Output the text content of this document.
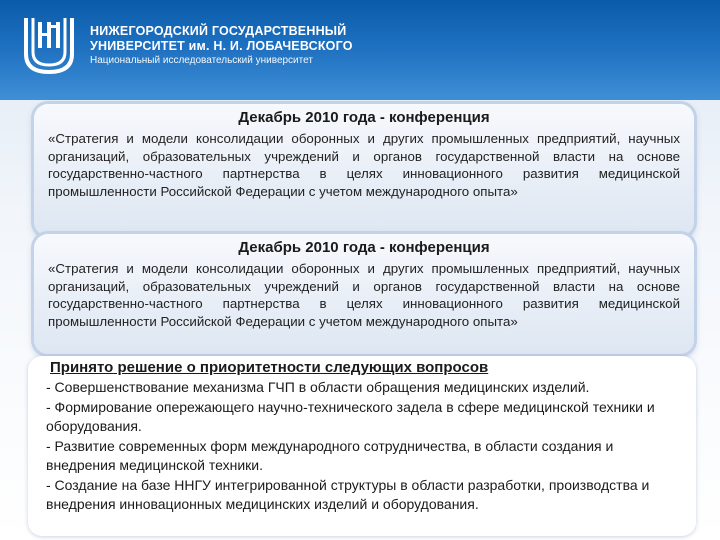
НИЖЕГОРОДСКИЙ ГОСУДАРСТВЕННЫЙ
УНИВЕРСИТЕТ им. Н. И. ЛОБАЧЕВСКОГО
Национальный исследовательский университет
Декабрь 2010 года - конференция
«Стратегия и модели консолидации оборонных и других промышленных предприятий, научных организаций, образовательных учреждений и органов государственной власти на основе государственно-частного партнерства в целях инновационного развития медицинской промышленности Российской Федерации с учетом международного опыта»
Декабрь 2010 года - конференция
«Стратегия и модели консолидации оборонных и других промышленных предприятий, научных организаций, образовательных учреждений и органов государственной власти на основе государственно-частного партнерства в целях инновационного развития медицинской промышленности Российской Федерации с учетом международного опыта»
Принято решение о приоритетности следующих вопросов
- Совершенствование механизма ГЧП в области обращения медицинских изделий.
- Формирование опережающего научно-технического задела в сфере медицинской техники и оборудования.
- Развитие современных форм международного сотрудничества, в области создания и внедрения медицинской техники.
- Создание на базе ННГУ интегрированной структуры в области разработки, производства и внедрения инновационных медицинских изделий и оборудования.
